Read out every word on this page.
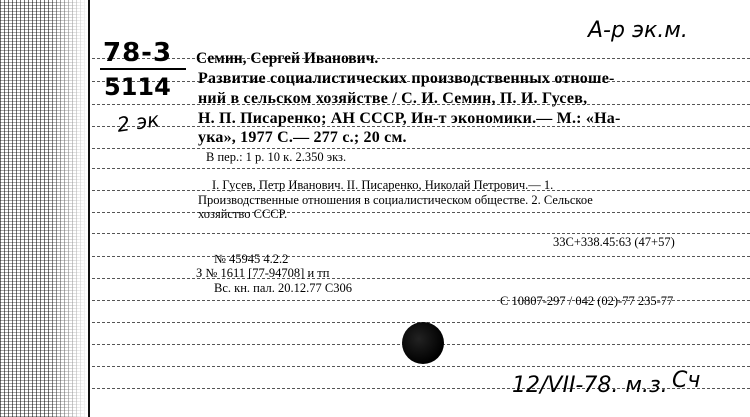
78-3
5114
2 эк
А-р эк.м.
Семин, Сергей Иванович.
Развитие социалистических производственных отноше-
ний в сельском хозяйстве / С. И. Семин, П. И. Гусев,
Н. П. Писаренко; АН СССР, Ин-т экономики.— М.: «На-
ука», 1977 С.— 277 с.; 20 см.
В пер.: 1 р. 10 к. 2.350 экз.
I. Гусев, Петр Иванович. II. Писаренко, Николай Петрович.— 1.
Производственные отношения в социалистическом обществе. 2. Сельское
хозяйство СССР.
33С+338.45:63 (47+57)
№ 45945 4.2.2
З № 1611 [77-94708] и тп
Вс. кн. пал. 20.12.77 С306
С 10807-297 / 042 (02)-77 235-77
12/VII-78. м.з. Сч
